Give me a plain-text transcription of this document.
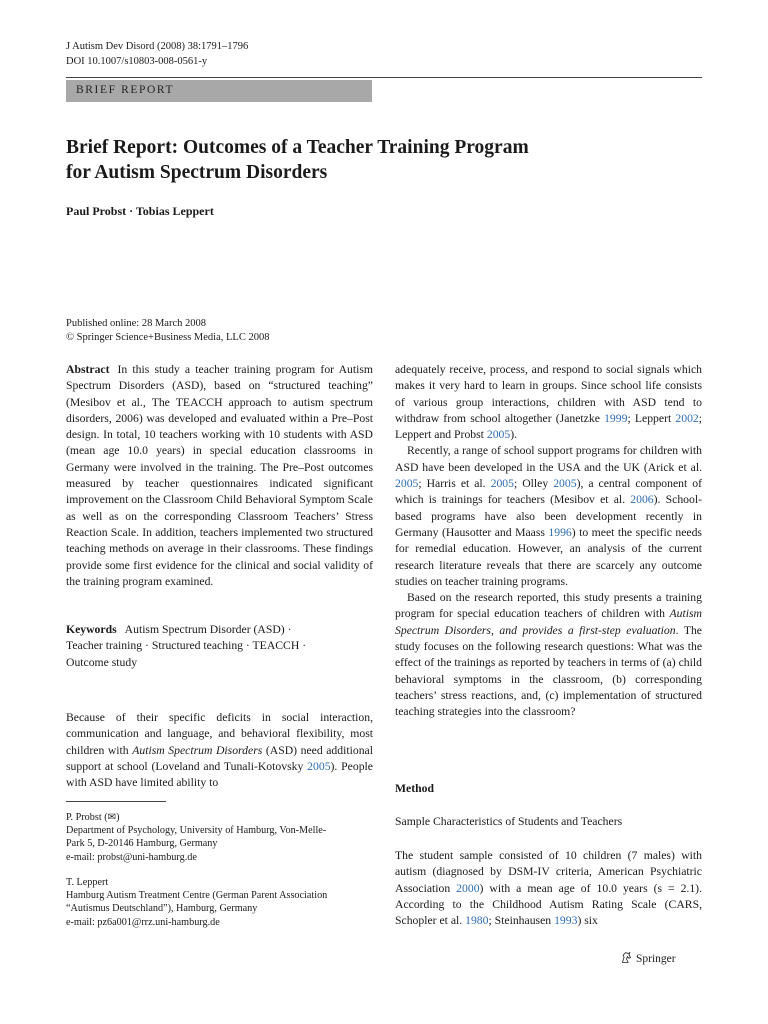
J Autism Dev Disord (2008) 38:1791–1796
DOI 10.1007/s10803-008-0561-y
BRIEF REPORT
Brief Report: Outcomes of a Teacher Training Program
for Autism Spectrum Disorders
Paul Probst · Tobias Leppert
Published online: 28 March 2008
© Springer Science+Business Media, LLC 2008

Abstract In this study a teacher training program for Autism Spectrum Disorders (ASD), based on “structured teaching” (Mesibov et al., The TEACCH approach to autism spectrum disorders, 2006) was developed and evaluated within a Pre–Post design. In total, 10 teachers working with 10 students with ASD (mean age 10.0 years) in special education classrooms in Germany were involved in the training. The Pre–Post outcomes measured by teacher questionnaires indicated significant improvement on the Classroom Child Behavioral Symptom Scale as well as on the corresponding Classroom Teachers’ Stress Reaction Scale. In addition, teachers implemented two structured teaching methods on average in their classrooms. These findings provide some first evidence for the clinical and social validity of the training program examined.

Keywords Autism Spectrum Disorder (ASD) ·
Teacher training · Structured teaching · TEACCH ·
Outcome study

Because of their specific deficits in social interaction, communication and language, and behavioral flexibility, most children with Autism Spectrum Disorders (ASD) need additional support at school (Loveland and Tunali-Kotovsky 2005). People with ASD have limited ability to

P. Probst (✉)
Department of Psychology, University of Hamburg, Von-Melle-
Park 5, D-20146 Hamburg, Germany
e-mail: probst@uni-hamburg.de
T. Leppert
Hamburg Autism Treatment Centre (German Parent Association
“Autismus Deutschland”), Hamburg, Germany
e-mail: pz6a001@rrz.uni-hamburg.de

adequately receive, process, and respond to social signals which makes it very hard to learn in groups. Since school life consists of various group interactions, children with ASD tend to withdraw from school altogether (Janetzke 1999; Leppert 2002; Leppert and Probst 2005).

Recently, a range of school support programs for children with ASD have been developed in the USA and the UK (Arick et al. 2005; Harris et al. 2005; Olley 2005), a central component of which is trainings for teachers (Mesibov et al. 2006). School-based programs have also been development recently in Germany (Hausotter and Maass 1996) to meet the specific needs for remedial education. However, an analysis of the current research literature reveals that there are scarcely any outcome studies on teacher training programs.

Based on the research reported, this study presents a training program for special education teachers of children with Autism Spectrum Disorders, and provides a first-step evaluation. The study focuses on the following research questions: What was the effect of the trainings as reported by teachers in terms of (a) child behavioral symptoms in the classroom, (b) corresponding teachers’ stress reactions, and, (c) implementation of structured teaching strategies into the classroom?

Method
Sample Characteristics of Students and Teachers

The student sample consisted of 10 children (7 males) with autism (diagnosed by DSM-IV criteria, American Psychiatric Association 2000) with a mean age of 10.0 years (s = 2.1). According to the Childhood Autism Rating Scale (CARS, Schopler et al. 1980; Steinhausen 1993) six

Springer
